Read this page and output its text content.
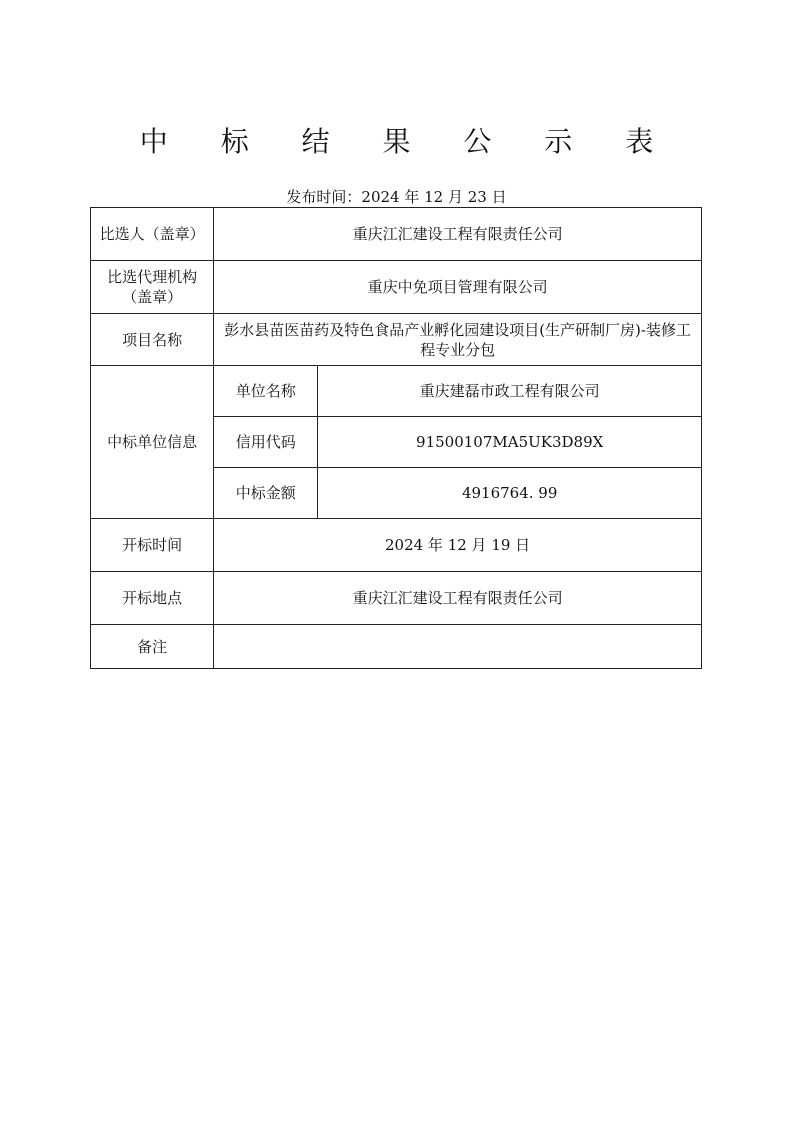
中 标 结 果 公 示 表
发布时间：2024 年 12 月 23 日
比选人（盖章）	重庆江汇建设工程有限责任公司	

比选代理机构
（盖章）	重庆中免项目管理有限公司	
项目名称	彭水县苗医苗药及特色食品产业孵化园建设项目(生产研制厂房)-装修工程专业分包	
中标单位信息	单位名称	重庆建磊市政工程有限公司
	信用代码	91500107MA5UK3D89X
	中标金额	4916764. 99
开标时间	2024 年 12 月 19 日	
开标地点	重庆江汇建设工程有限责任公司	
备注		
